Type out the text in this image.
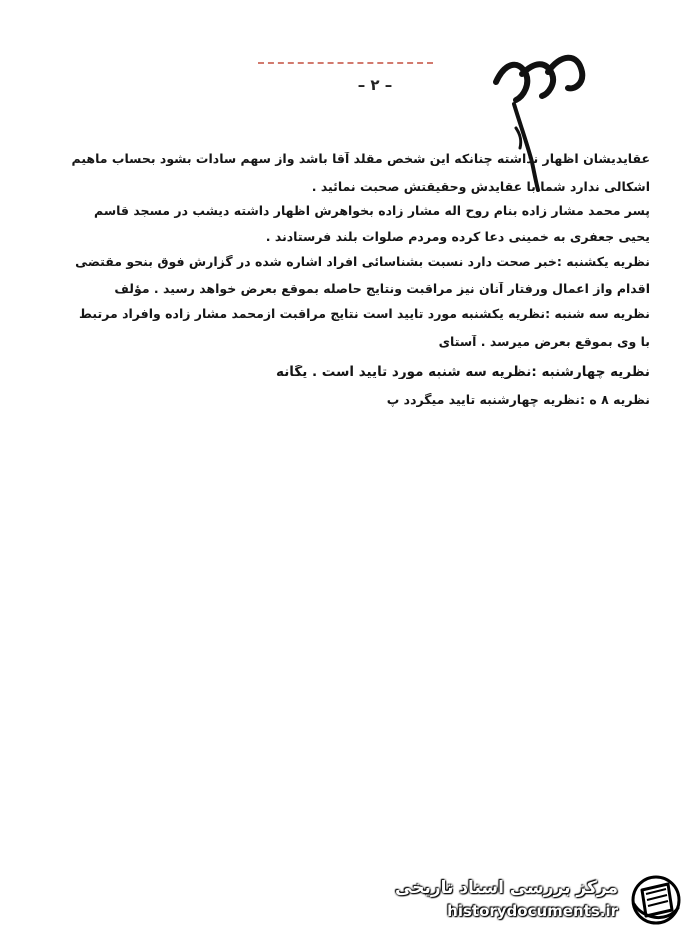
– ۲ –
عقایدیشان اظهار نداشته چنانکه این شخص مقلد آقا باشد واز سهم سادات بشود بحساب ماهیم
اشکالی ندارد شما با عقایدش وحقیقتش صحبت نمائید .
پسر محمد مشار زاده بنام روح اله مشار زاده بخواهرش اظهار داشته دیشب در مسجد قاسم
یحیی جعفری به خمینی دعا کرده ومردم صلوات بلند فرستادند .
نظریه یکشنبه :خبر صحت دارد نسبت بشناسائی افراد اشاره شده در گزارش فوق بنحو مقتضی
اقدام واز اعمال ورفتار آنان نیز مراقبت ونتایج حاصله بموقع بعرض خواهد رسید . مؤلف
نظریه سه شنبه :نظریه یکشنبه مورد تایید است نتایج مراقبت ازمحمد مشار زاده وافراد مرتبط
با وی بموقع بعرض میرسد . آستای
نظریه چهارشنبه :نظریه سه شنبه مورد تایید است . یگانه
نظریه ۸ ه :نظریه چهارشنبه تایید میگردد پ
مرکز بررسی اسناد تاریخی
historydocuments.ir
